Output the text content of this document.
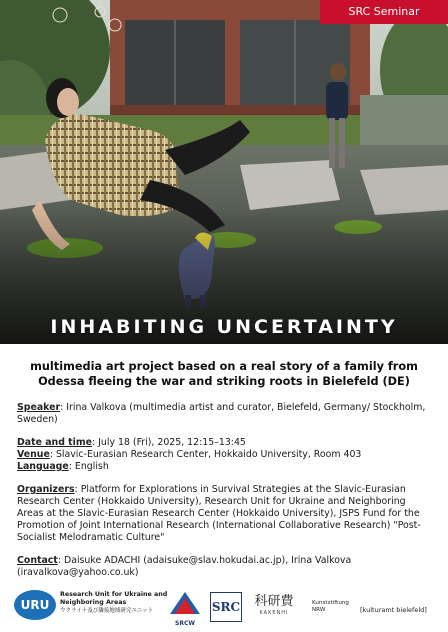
SRC Seminar
INHABITING UNCERTAINTY
multimedia art project based on a real story of a family from Odessa fleeing the war and striking roots in Bielefeld (DE)
Speaker: Irina Valkova (multimedia artist and curator, Bielefeld, Germany/ Stockholm, Sweden)
Date and time: July 18 (Fri), 2025, 12:15–13:45
Venue: Slavic-Eurasian Research Center, Hokkaido University, Room 403
Language: English
Organizers: Platform for Explorations in Survival Strategies at the Slavic-Eurasian Research Center (Hokkaido University), Research Unit for Ukraine and Neighboring Areas at the Slavic-Eurasian Research Center (Hokkaido University), JSPS Fund for the Promotion of Joint International Research (International Collaborative Research) "Post-Socialist Melodramatic Culture"
Contact: Daisuke ADACHI (adaisuke@slav.hokudai.ac.jp), Irina Valkova (iravalkova@yahoo.co.uk)
URU
Research Unit for Ukraine and
Neighboring Areas
ウクライナ及び隣接地域研究ユニット
SRCW
SRC	科研費
KAKENHI
Kunststiftung
NRW	[kulturamt bielefeld]
